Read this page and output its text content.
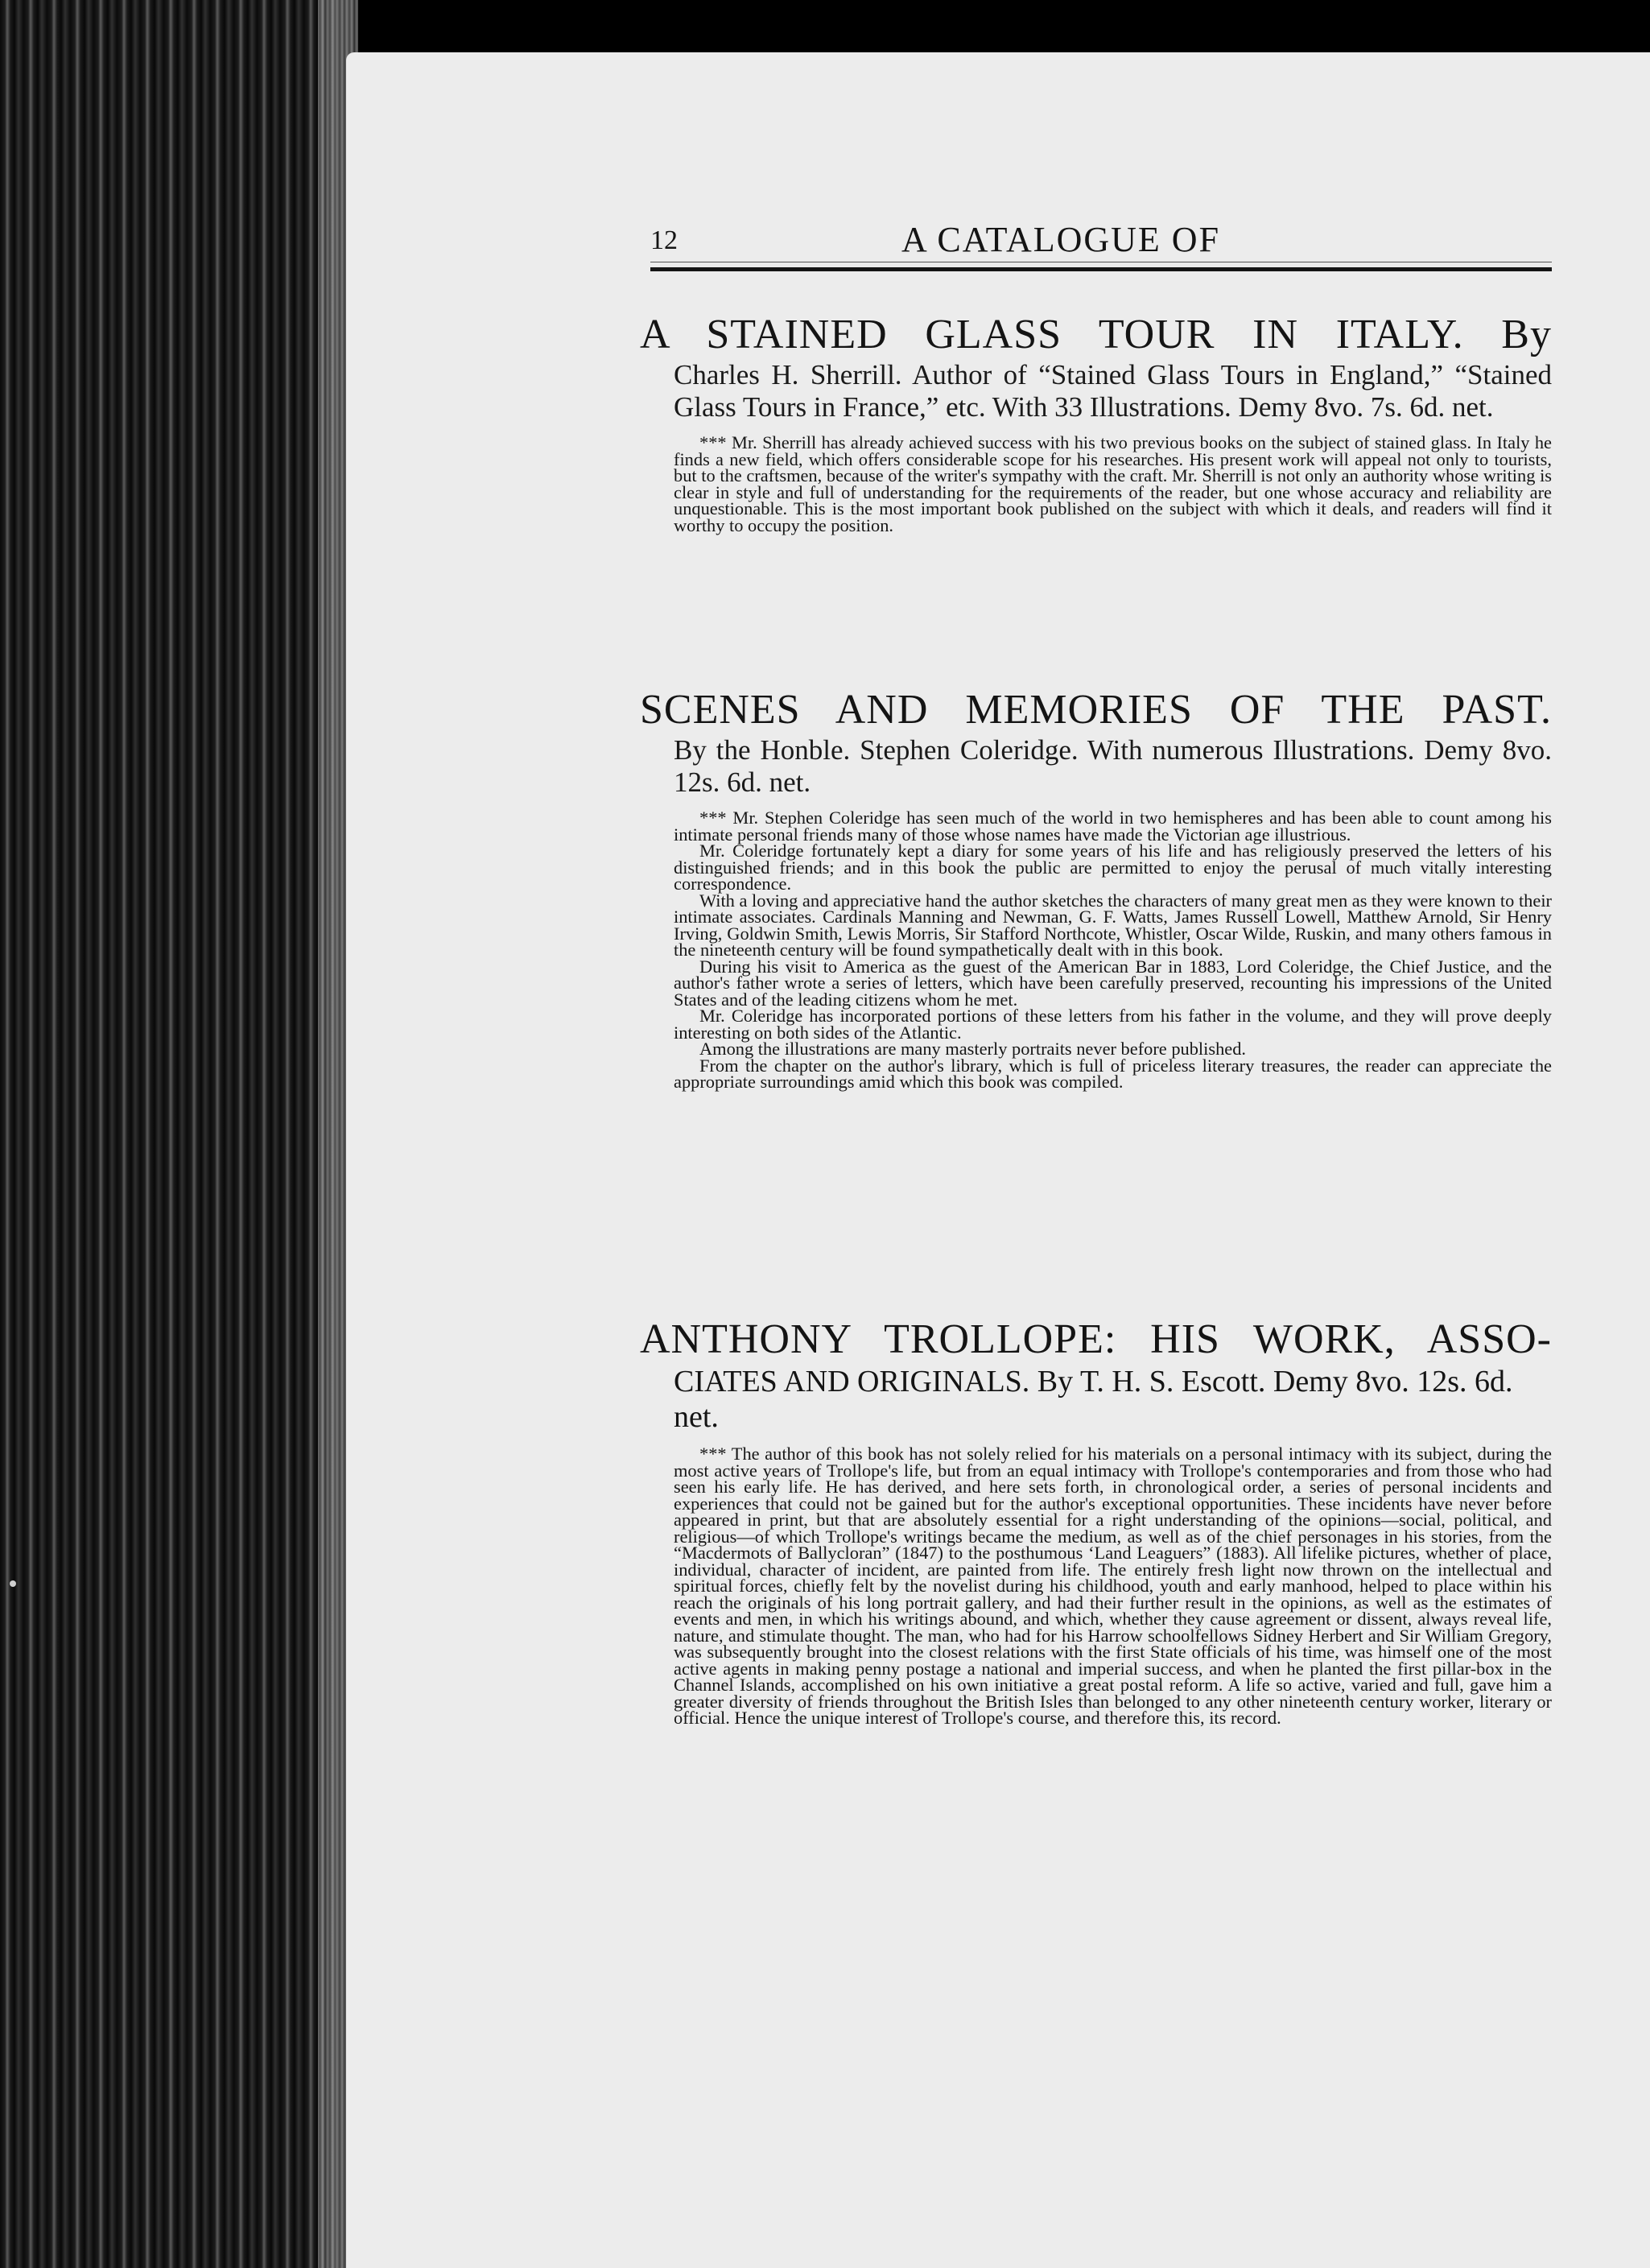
12	A CATALOGUE OF
A STAINED GLASS TOUR IN ITALY. By
Charles H. Sherrill. Author of “Stained Glass Tours in England,” “Stained Glass Tours in France,” etc. With 33 Illustrations. Demy 8vo. 7s. 6d. net.

*** Mr. Sherrill has already achieved success with his two previous books on the subject of stained glass. In Italy he finds a new field, which offers considerable scope for his researches. His present work will appeal not only to tourists, but to the craftsmen, because of the writer's sympathy with the craft. Mr. Sherrill is not only an authority whose writing is clear in style and full of understanding for the requirements of the reader, but one whose accuracy and reliability are unquestionable. This is the most important book published on the subject with which it deals, and readers will find it worthy to occupy the position.

SCENES AND MEMORIES OF THE PAST.
By the Honble. Stephen Coleridge. With numerous Illustrations. Demy 8vo. 12s. 6d. net.

*** Mr. Stephen Coleridge has seen much of the world in two hemispheres and has been able to count among his intimate personal friends many of those whose names have made the Victorian age illustrious.

Mr. Coleridge fortunately kept a diary for some years of his life and has religiously preserved the letters of his distinguished friends; and in this book the public are permitted to enjoy the perusal of much vitally interesting correspondence.

With a loving and appreciative hand the author sketches the characters of many great men as they were known to their intimate associates. Cardinals Manning and Newman, G. F. Watts, James Russell Lowell, Matthew Arnold, Sir Henry Irving, Goldwin Smith, Lewis Morris, Sir Stafford Northcote, Whistler, Oscar Wilde, Ruskin, and many others famous in the nineteenth century will be found sympathetically dealt with in this book.

During his visit to America as the guest of the American Bar in 1883, Lord Coleridge, the Chief Justice, and the author's father wrote a series of letters, which have been carefully preserved, recounting his impressions of the United States and of the leading citizens whom he met.

Mr. Coleridge has incorporated portions of these letters from his father in the volume, and they will prove deeply interesting on both sides of the Atlantic.

Among the illustrations are many masterly portraits never before published.

From the chapter on the author's library, which is full of priceless literary treasures, the reader can appreciate the appropriate surroundings amid which this book was compiled.

ANTHONY TROLLOPE: HIS WORK, ASSO-
CIATES AND ORIGINALS. By T. H. S. Escott. Demy 8vo. 12s. 6d. net.

*** The author of this book has not solely relied for his materials on a personal intimacy with its subject, during the most active years of Trollope's life, but from an equal intimacy with Trollope's contemporaries and from those who had seen his early life. He has derived, and here sets forth, in chronological order, a series of personal incidents and experiences that could not be gained but for the author's exceptional opportunities. These incidents have never before appeared in print, but that are absolutely essential for a right understanding of the opinions—social, political, and religious—of which Trollope's writings became the medium, as well as of the chief personages in his stories, from the “Macdermots of Ballycloran” (1847) to the posthumous ‘Land Leaguers” (1883). All lifelike pictures, whether of place, individual, character of incident, are painted from life. The entirely fresh light now thrown on the intellectual and spiritual forces, chiefly felt by the novelist during his childhood, youth and early manhood, helped to place within his reach the originals of his long portrait gallery, and had their further result in the opinions, as well as the estimates of events and men, in which his writings abound, and which, whether they cause agreement or dissent, always reveal life, nature, and stimulate thought. The man, who had for his Harrow schoolfellows Sidney Herbert and Sir William Gregory, was subsequently brought into the closest relations with the first State officials of his time, was himself one of the most active agents in making penny postage a national and imperial success, and when he planted the first pillar-box in the Channel Islands, accomplished on his own initiative a great postal reform. A life so active, varied and full, gave him a greater diversity of friends throughout the British Isles than belonged to any other nineteenth century worker, literary or official. Hence the unique interest of Trollope's course, and therefore this, its record.
